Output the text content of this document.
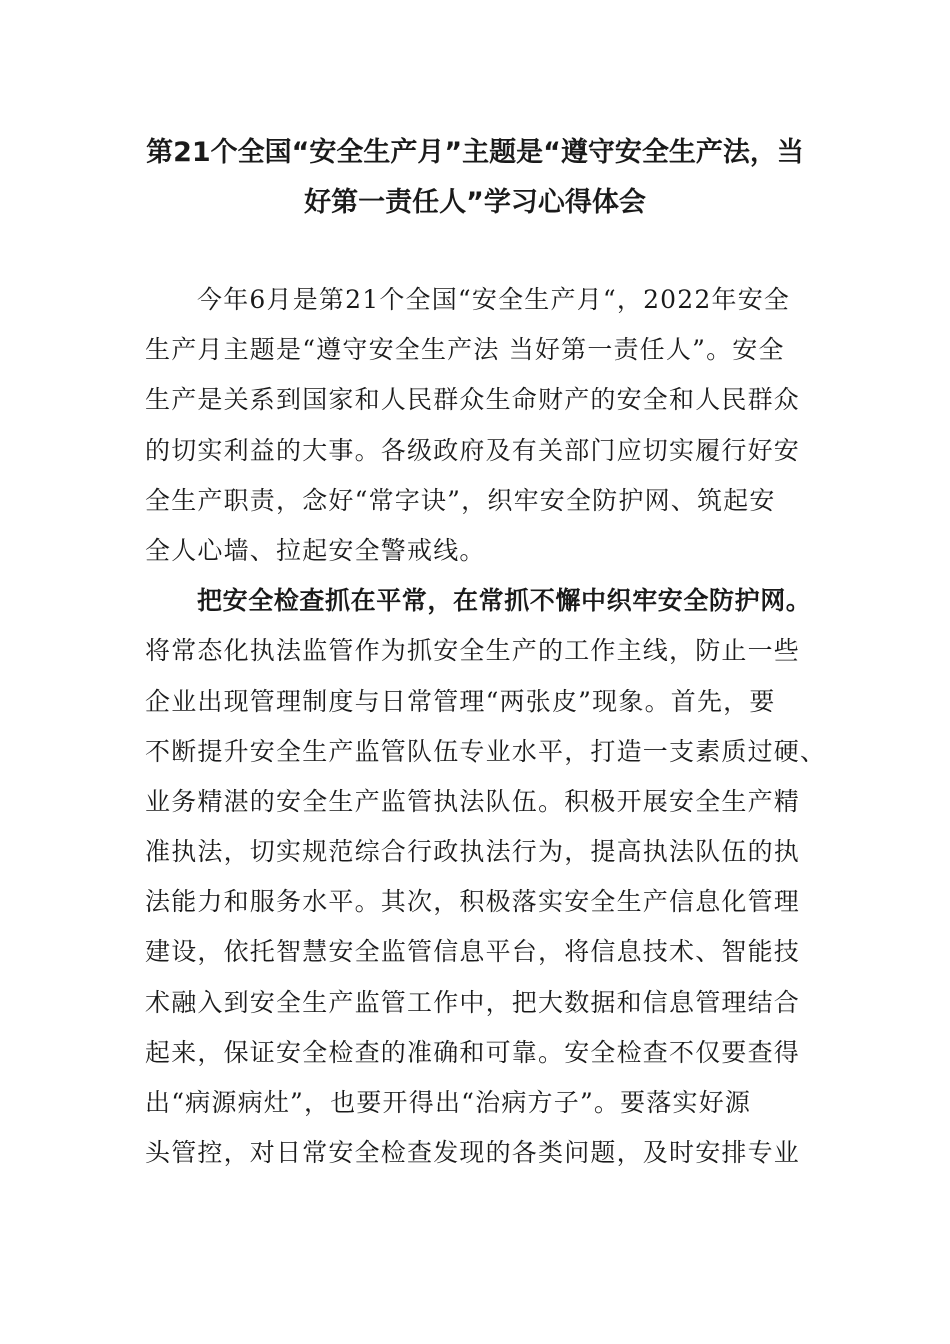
第21个全国“安全生产月”主题是“遵守安全生产法，当
好第一责任人”学习心得体会
今年6月是第21个全国“安全生产月“，2022年安全
生产月主题是“遵守安全生产法 当好第一责任人”。安全
生产是关系到国家和人民群众生命财产的安全和人民群众
的切实利益的大事。各级政府及有关部门应切实履行好安
全生产职责，念好“常字诀”，织牢安全防护网、筑起安
全人心墙、拉起安全警戒线。
把安全检查抓在平常，在常抓不懈中织牢安全防护网。
将常态化执法监管作为抓安全生产的工作主线，防止一些
企业出现管理制度与日常管理“两张皮”现象。首先，要
不断提升安全生产监管队伍专业水平，打造一支素质过硬、
业务精湛的安全生产监管执法队伍。积极开展安全生产精
准执法，切实规范综合行政执法行为，提高执法队伍的执
法能力和服务水平。其次，积极落实安全生产信息化管理
建设，依托智慧安全监管信息平台，将信息技术、智能技
术融入到安全生产监管工作中，把大数据和信息管理结合
起来，保证安全检查的准确和可靠。安全检查不仅要查得
出“病源病灶”，也要开得出“治病方子”。要落实好源
头管控，对日常安全检查发现的各类问题，及时安排专业
